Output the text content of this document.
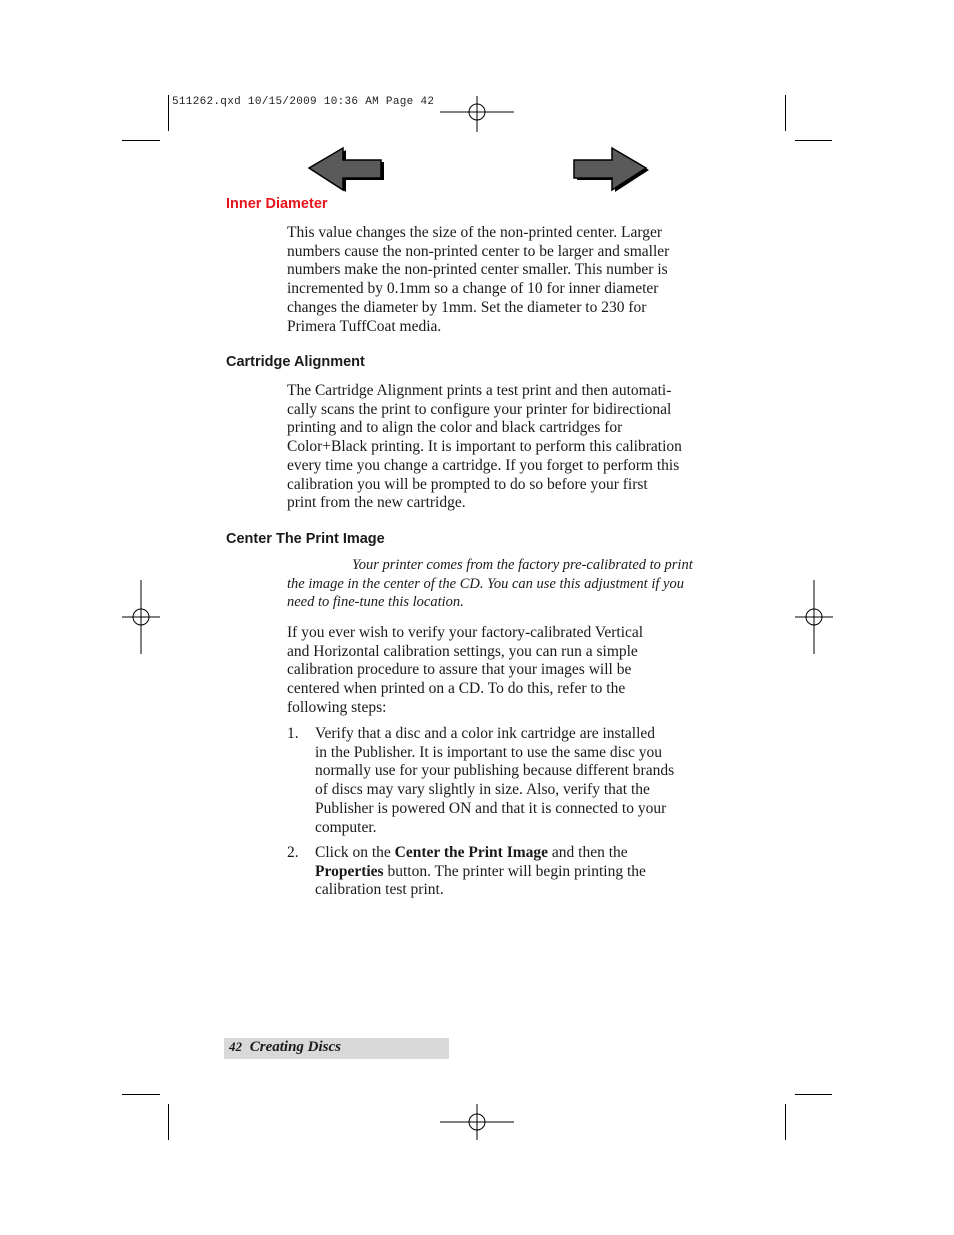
511262.qxd 10/15/2009 10:36 AM Page 42
Inner Diameter
This value changes the size of the non-printed center. Larger
numbers cause the non-printed center to be larger and smaller
numbers make the non-printed center smaller. This number is
incremented by 0.1mm so a change of 10 for inner diameter
changes the diameter by 1mm. Set the diameter to 230 for
Primera TuffCoat media.
Cartridge Alignment
The Cartridge Alignment prints a test print and then automati-
cally scans the print to configure your printer for bidirectional
printing and to align the color and black cartridges for
Color+Black printing. It is important to perform this calibration
every time you change a cartridge. If you forget to perform this
calibration you will be prompted to do so before your first
print from the new cartridge.
Center The Print Image
Your printer comes from the factory pre-calibrated to print
the image in the center of the CD. You can use this adjustment if you
need to fine-tune this location.
If you ever wish to verify your factory-calibrated Vertical
and Horizontal calibration settings, you can run a simple
calibration procedure to assure that your images will be
centered when printed on a CD. To do this, refer to the
following steps:
1. Verify that a disc and a color ink cartridge are installed
in the Publisher. It is important to use the same disc you
normally use for your publishing because different brands
of discs may vary slightly in size. Also, verify that the
Publisher is powered ON and that it is connected to your
computer.
2. Click on the Center the Print Image and then the
Properties button. The printer will begin printing the
calibration test print.
42 Creating Discs
